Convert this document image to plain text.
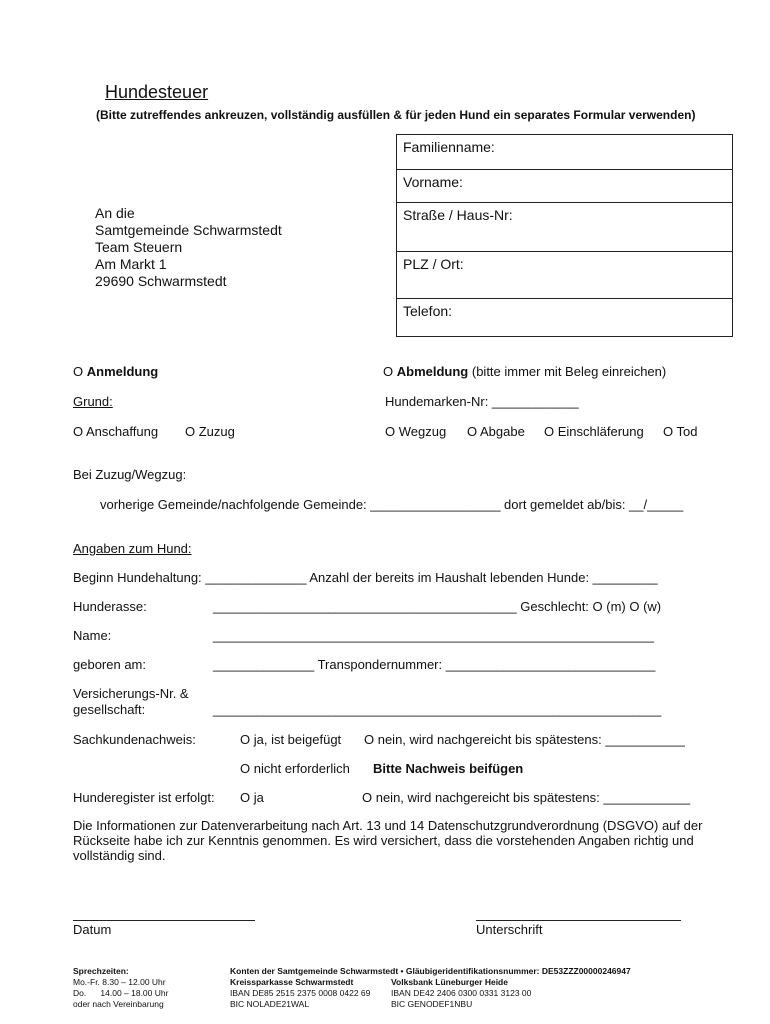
Hundesteuer
(Bitte zutreffendes ankreuzen, vollständig ausfüllen & für jeden Hund ein separates Formular verwenden)
An die
Samtgemeinde Schwarmstedt
Team Steuern
Am Markt 1
29690 Schwarmstedt
Familienname:
Vorname:
Straße / Haus-Nr:
PLZ / Ort:
Telefon:
O Anmeldung	O Abmeldung (bitte immer mit Beleg einreichen)
Grund:	Hundemarken-Nr: ____________
O Anschaffung O Zuzug	O Wegzug O Abgabe O Einschläferung O Tod
Bei Zuzug/Wegzug:
vorherige Gemeinde/nachfolgende Gemeinde: __________________ dort gemeldet ab/bis: __/_____
Angaben zum Hund:
Beginn Hundehaltung: ______________ Anzahl der bereits im Haushalt lebenden Hunde: _________
Hunderasse:	__________________________________________ Geschlecht: O (m) O (w)
Name:	_____________________________________________________________
geboren am:	______________ Transpondernummer: _____________________________
Versicherungs-Nr. &
gesellschaft:	______________________________________________________________
Sachkundenachweis:	O ja, ist beigefügt O nein, wird nachgereicht bis spätestens: ___________
O nicht erforderlich Bitte Nachweis beifügen
Hunderegister ist erfolgt: O ja	O nein, wird nachgereicht bis spätestens: ____________
Die Informationen zur Datenverarbeitung nach Art. 13 und 14 Datenschutzgrundverordnung (DSGVO) auf der Rückseite habe ich zur Kenntnis genommen. Es wird versichert, dass die vorstehenden Angaben richtig und vollständig sind.
Datum	Unterschrift
Sprechzeiten:
Mo.-Fr. 8.30 – 12.00 Uhr
Do.      14.00 – 18.00 Uhr
oder nach Vereinbarung
Konten der Samtgemeinde Schwarmstedt • Gläubigeridentifikationsnummer: DE53ZZZ00000246947
Kreissparkasse Schwarmstedt
IBAN DE85 2515 2375 0008 0422 69
BIC NOLADE21WAL
Volksbank Lüneburger Heide
IBAN DE42 2406 0300 0331 3123 00
BIC GENODEF1NBU
